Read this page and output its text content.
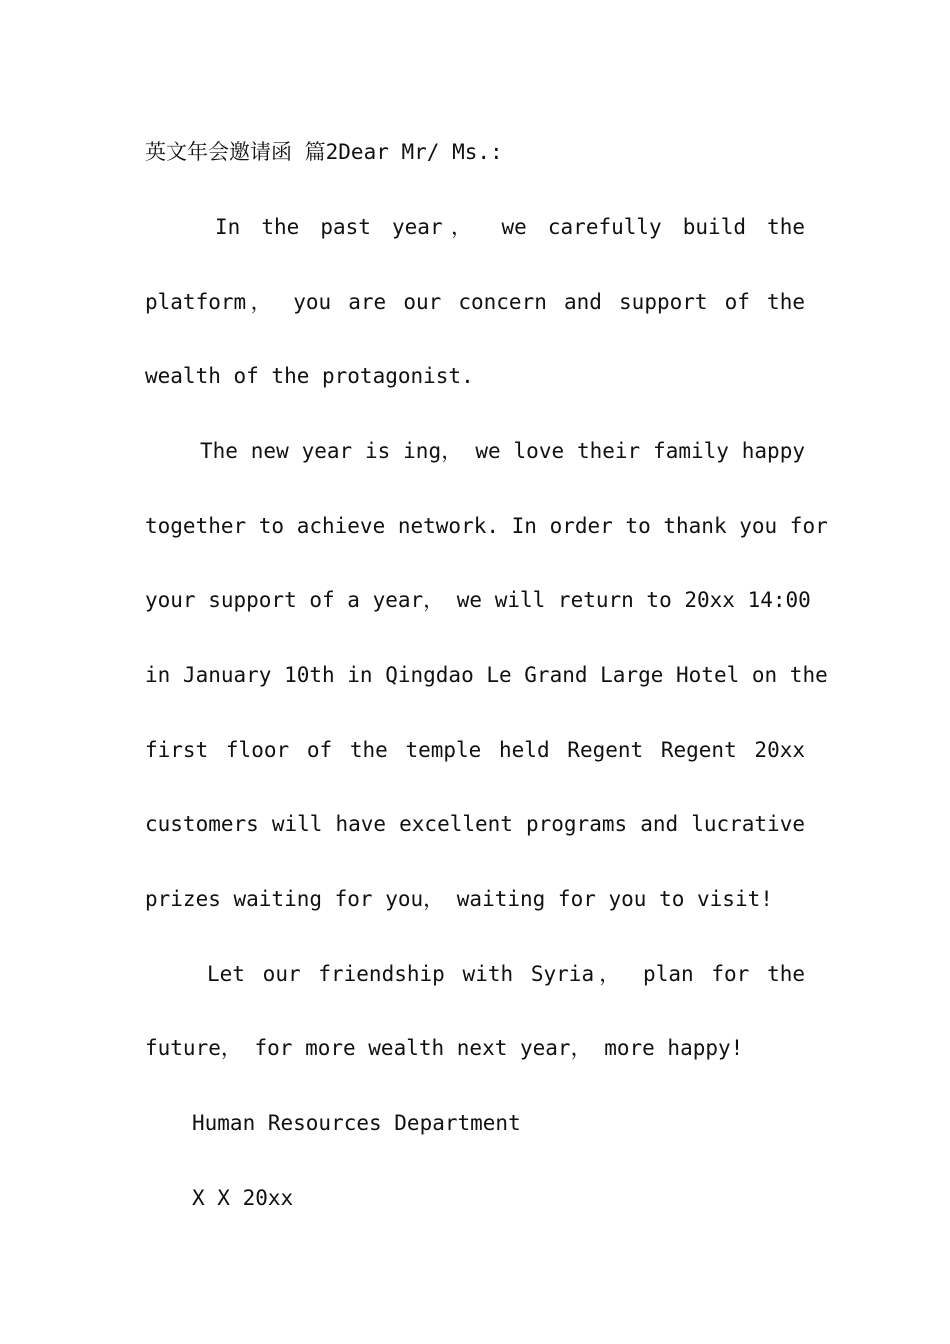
英文年会邀请函 篇2Dear Mr/ Ms.:
In the past year， we carefully build the
platform， you are our concern and support of the
wealth of the protagonist.
The new year is ing， we love their family happy
together to achieve network. In order to thank you for
your support of a year， we will return to 20xx 14:00
in January 10th in Qingdao Le Grand Large Hotel on the
first floor of the temple held Regent Regent 20xx
customers will have excellent programs and lucrative
prizes waiting for you， waiting for you to visit!
Let our friendship with Syria， plan for the
future， for more wealth next year， more happy!
Human Resources Department
X X 20xx
